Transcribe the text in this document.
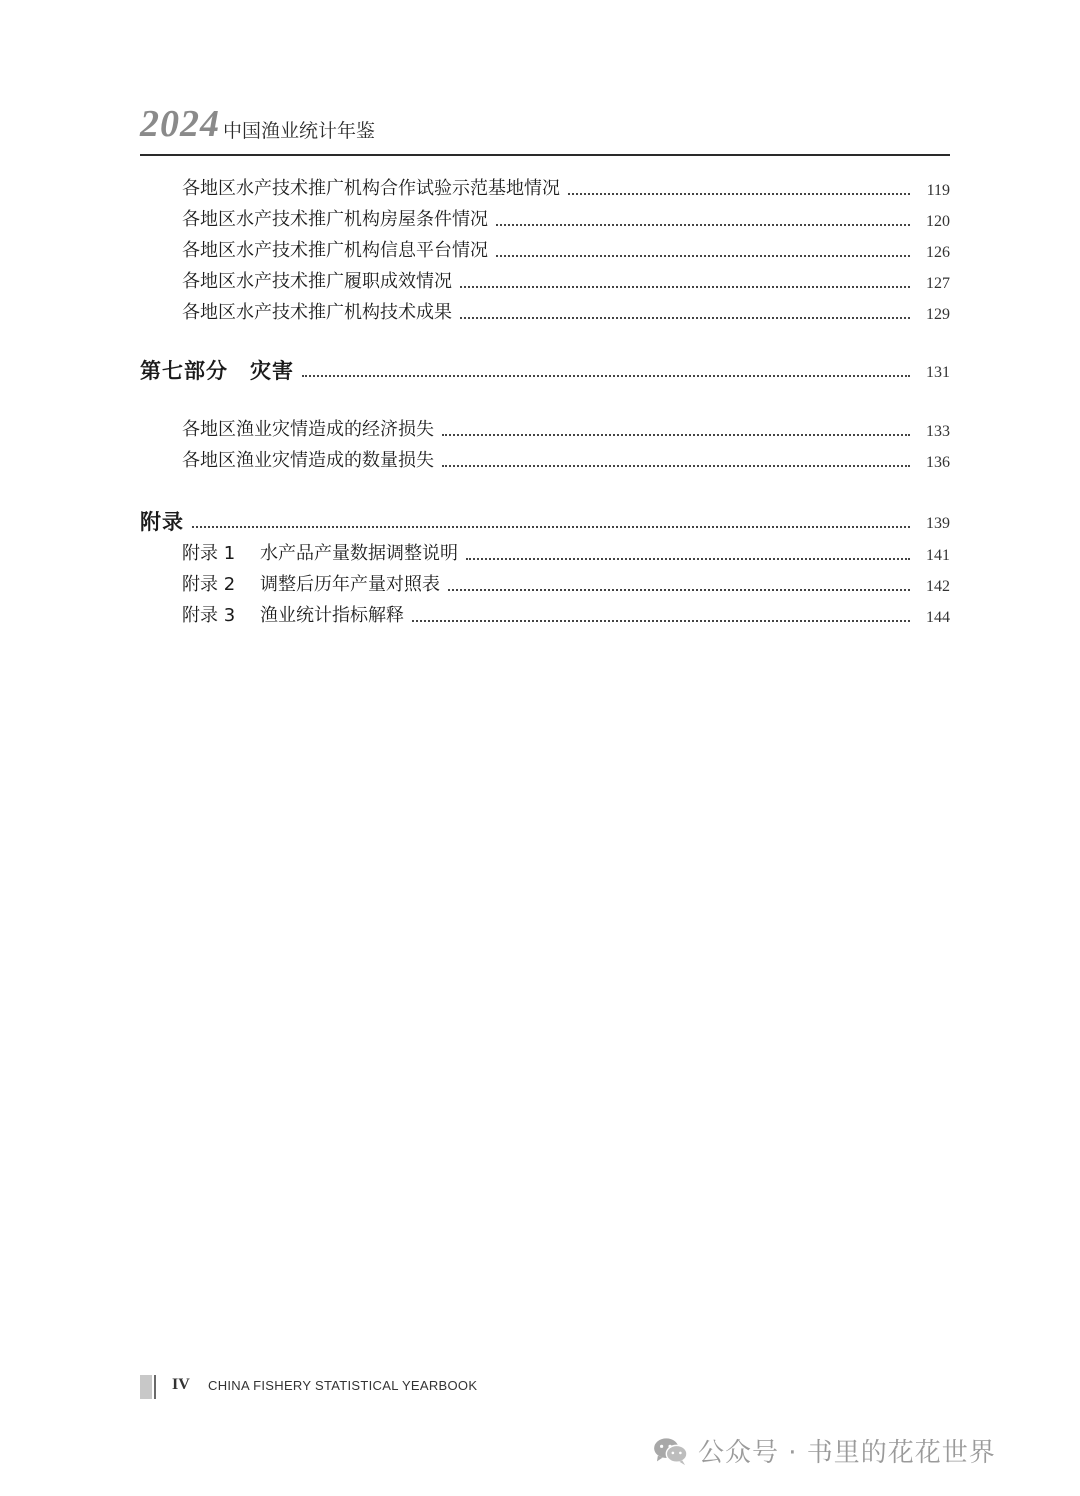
2024 中国渔业统计年鉴
各地区水产技术推广机构合作试验示范基地情况	119
各地区水产技术推广机构房屋条件情况	120
各地区水产技术推广机构信息平台情况	126
各地区水产技术推广履职成效情况	127
各地区水产技术推广机构技术成果	129
第七部分　灾害	131
各地区渔业灾情造成的经济损失	133
各地区渔业灾情造成的数量损失	136
附录	139
附录 1 水产品产量数据调整说明	141
附录 2 调整后历年产量对照表	142
附录 3 渔业统计指标解释	144
IV CHINA FISHERY STATISTICAL YEARBOOK
公众号 · 书里的花花世界
